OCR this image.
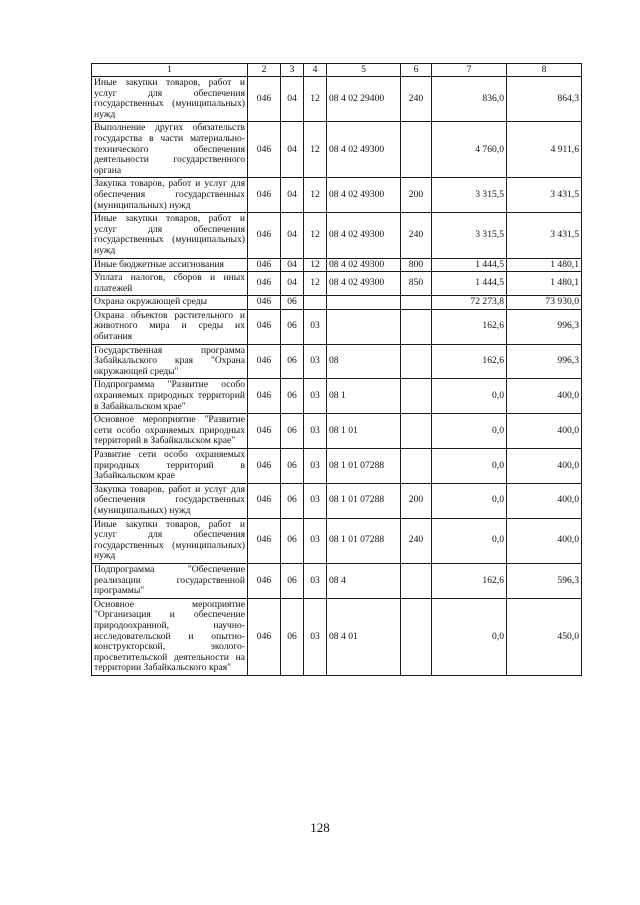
1	2	3	4	5	6	7	8
Иные закупки товаров, работ и услуг для обеспечения государственных (муниципальных) нужд	046	04	12	08 4 02 29400	240	836,0	864,3
Выполнение других обязательств государства в части материально-технического обеспечения деятельности государственного органа	046	04	12	08 4 02 49300		4 760,0	4 911,6
Закупка товаров, работ и услуг для обеспечения государственных (муниципальных) нужд	046	04	12	08 4 02 49300	200	3 315,5	3 431,5
Иные закупки товаров, работ и услуг для обеспечения государственных (муниципальных) нужд	046	04	12	08 4 02 49300	240	3 315,5	3 431,5
Иные бюджетные ассигнования	046	04	12	08 4 02 49300	800	1 444,5	1 480,1
Уплата налогов, сборов и иных платежей	046	04	12	08 4 02 49300	850	1 444,5	1 480,1
Охрана окружающей среды	046	06				72 273,8	73 930,0
Охрана объектов растительного и животного мира и среды их обитания	046	06	03			162,6	996,3
Государственная программа Забайкальского края "Охрана окружающей среды"	046	06	03	08		162,6	996,3
Подпрограмма "Развитие особо охраняемых природных территорий в Забайкальском крае"	046	06	03	08 1		0,0	400,0
Основное мероприятие "Развитие сети особо охраняемых природных территорий в Забайкальском крае"	046	06	03	08 1 01		0,0	400,0
Развитие сети особо охраняемых природных территорий в Забайкальском крае	046	06	03	08 1 01 07288		0,0	400,0
Закупка товаров, работ и услуг для обеспечения государственных (муниципальных) нужд	046	06	03	08 1 01 07288	200	0,0	400,0
Иные закупки товаров, работ и услуг для обеспечения государственных (муниципальных) нужд	046	06	03	08 1 01 07288	240	0,0	400,0
Подпрограмма "Обеспечение реализации государственной программы"	046	06	03	08 4		162,6	596,3
Основное мероприятие "Организация и обеспечение природоохранной, научно-исследовательской и опытно-конструкторской, эколого-просветительской деятельности на территории Забайкальского края"	046	06	03	08 4 01		0,0	450,0
128
